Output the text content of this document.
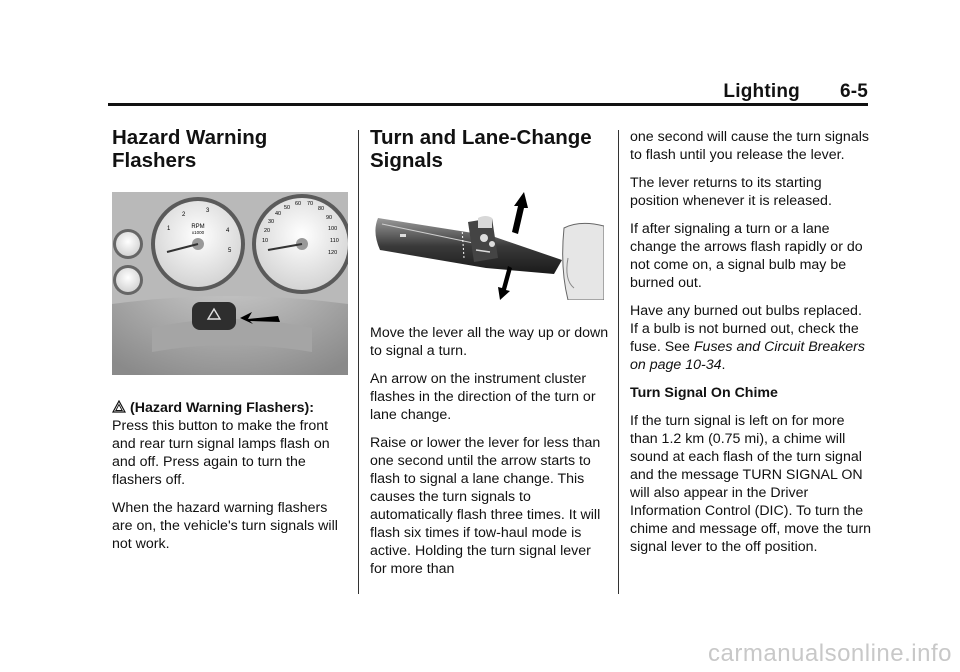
Lighting 6-5
Hazard Warning Flashers
RPM
x1000
1
2
3
4
5
10
20
30
40
50
60 70
80
90
100
110
120

(Hazard Warning Flashers): Press this button to make the front and rear turn signal lamps flash on and off. Press again to turn the flashers off.

When the hazard warning flashers are on, the vehicle's turn signals will not work.

Turn and Lane-Change Signals

Move the lever all the way up or down to signal a turn.

An arrow on the instrument cluster flashes in the direction of the turn or lane change.

Raise or lower the lever for less than one second until the arrow starts to flash to signal a lane change. This causes the turn signals to automatically flash three times. It will flash six times if tow-haul mode is active. Holding the turn signal lever for more than

one second will cause the turn signals to flash until you release the lever.

The lever returns to its starting position whenever it is released.

If after signaling a turn or a lane change the arrows flash rapidly or do not come on, a signal bulb may be burned out.

Have any burned out bulbs replaced. If a bulb is not burned out, check the fuse. See Fuses and Circuit Breakers on page 10-34.

Turn Signal On Chime

If the turn signal is left on for more than 1.2 km (0.75 mi), a chime will sound at each flash of the turn signal and the message TURN SIGNAL ON will also appear in the Driver Information Control (DIC). To turn the chime and message off, move the turn signal lever to the off position.

carmanualsonline.info
